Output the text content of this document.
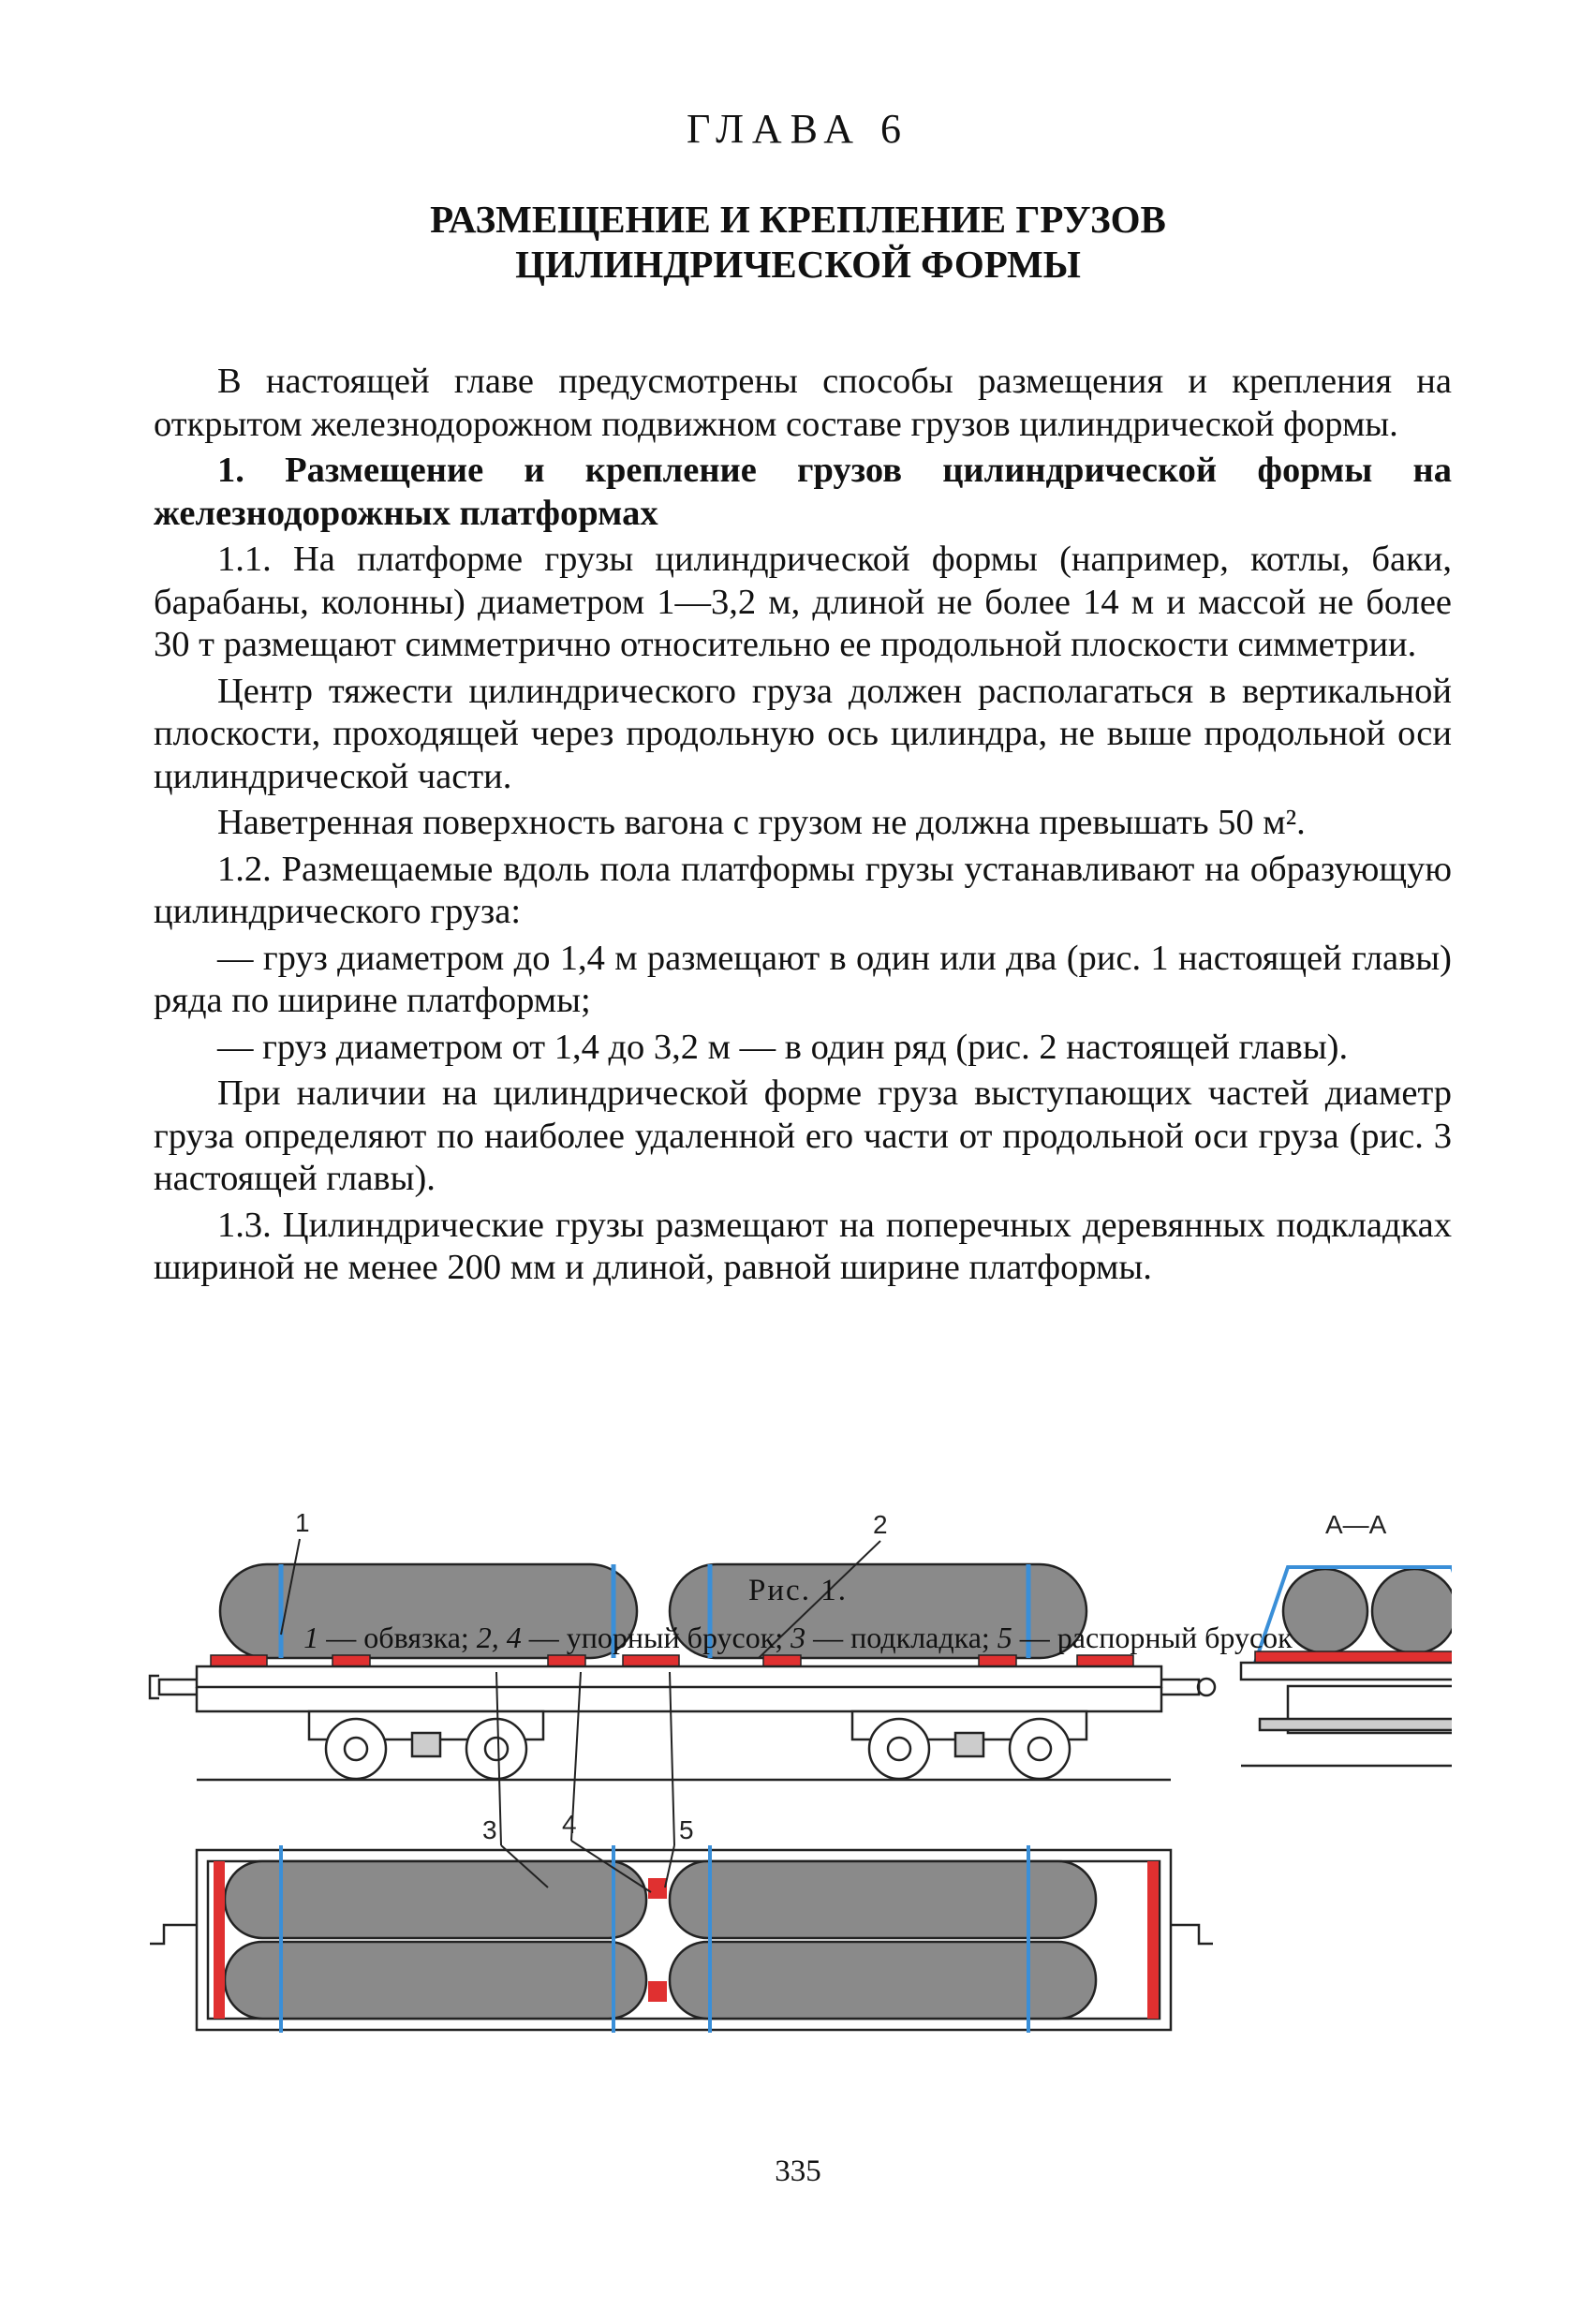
ГЛАВА 6
РАЗМЕЩЕНИЕ И КРЕПЛЕНИЕ ГРУЗОВ
ЦИЛИНДРИЧЕСКОЙ ФОРМЫ

В настоящей главе предусмотрены способы размещения и крепления на открытом железнодорожном подвижном составе грузов цилиндрической формы.

1. Размещение и крепление грузов цилиндрической формы на железнодорожных платформах

1.1. На платформе грузы цилиндрической формы (например, котлы, баки, барабаны, колонны) диаметром 1—3,2 м, длиной не более 14 м и массой не более 30 т размещают симметрично относительно ее продольной плоскости симметрии.

Центр тяжести цилиндрического груза должен располагаться в вертикальной плоскости, проходящей через продольную ось цилиндра, не выше продольной оси цилиндрической части.

Наветренная поверхность вагона с грузом не должна превышать 50 м².

1.2. Размещаемые вдоль пола платформы грузы устанавливают на образующую цилиндрического груза:

— груз диаметром до 1,4 м размещают в один или два (рис. 1 настоящей главы) ряда по ширине платформы;

— груз диаметром от 1,4 до 3,2 м — в один ряд (рис. 2 настоящей главы).

При наличии на цилиндрической форме груза выступающих частей диаметр груза определяют по наиболее удаленной его части от продольной оси груза (рис. 3 настоящей главы).

1.3. Цилиндрические грузы размещают на поперечных деревянных подкладках шириной не менее 200 мм и длиной, равной ширине платформы.

1	2
3 4	5
А—А
Рис. 1.
1 — обвязка; 2, 4 — упорный брусок; 3 — подкладка; 5 — распорный брусок
335
